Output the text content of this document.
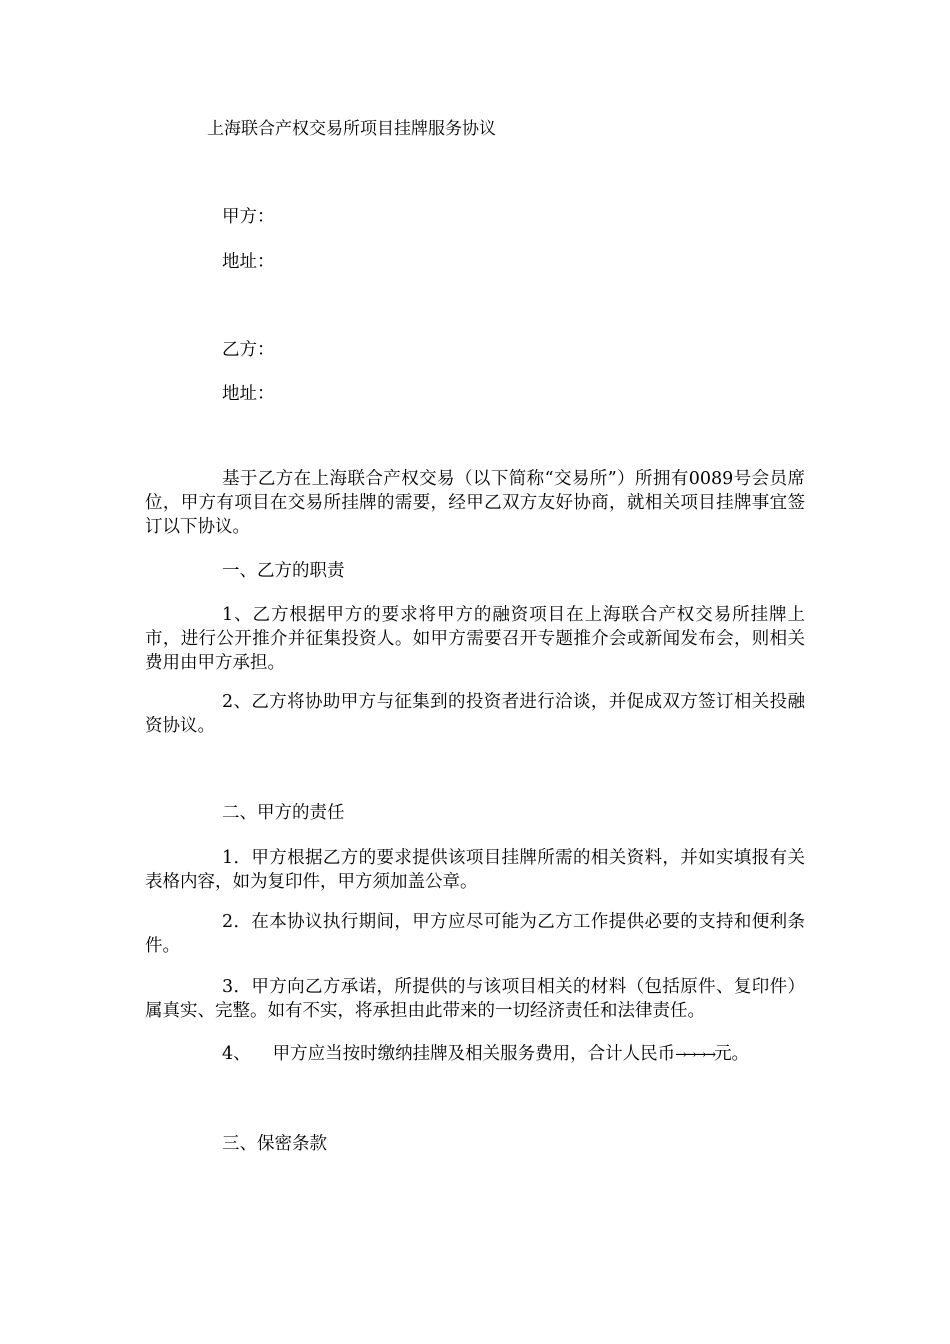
上海联合产权交易所项目挂牌服务协议
甲方：
地址：
乙方：
地址：
基于乙方在上海联合产权交易（以下简称“交易所”）所拥有0089号会员席位，甲方有项目在交易所挂牌的需要，经甲乙双方友好协商，就相关项目挂牌事宜签订以下协议。
一、乙方的职责
1、乙方根据甲方的要求将甲方的融资项目在上海联合产权交易所挂牌上市，进行公开推介并征集投资人。如甲方需要召开专题推介会或新闻发布会，则相关费用由甲方承担。
2、乙方将协助甲方与征集到的投资者进行洽谈，并促成双方签订相关投融资协议。
二、甲方的责任
1．甲方根据乙方的要求提供该项目挂牌所需的相关资料，并如实填报有关表格内容，如为复印件，甲方须加盖公章。
2．在本协议执行期间，甲方应尽可能为乙方工作提供必要的支持和便利条件。
3．甲方向乙方承诺，所提供的与该项目相关的材料（包括原件、复印件）属真实、完整。如有不实，将承担由此带来的一切经济责任和法律责任。
4、 甲方应当按时缴纳挂牌及相关服务费用，合计人民币→→→→元。
三、保密条款
